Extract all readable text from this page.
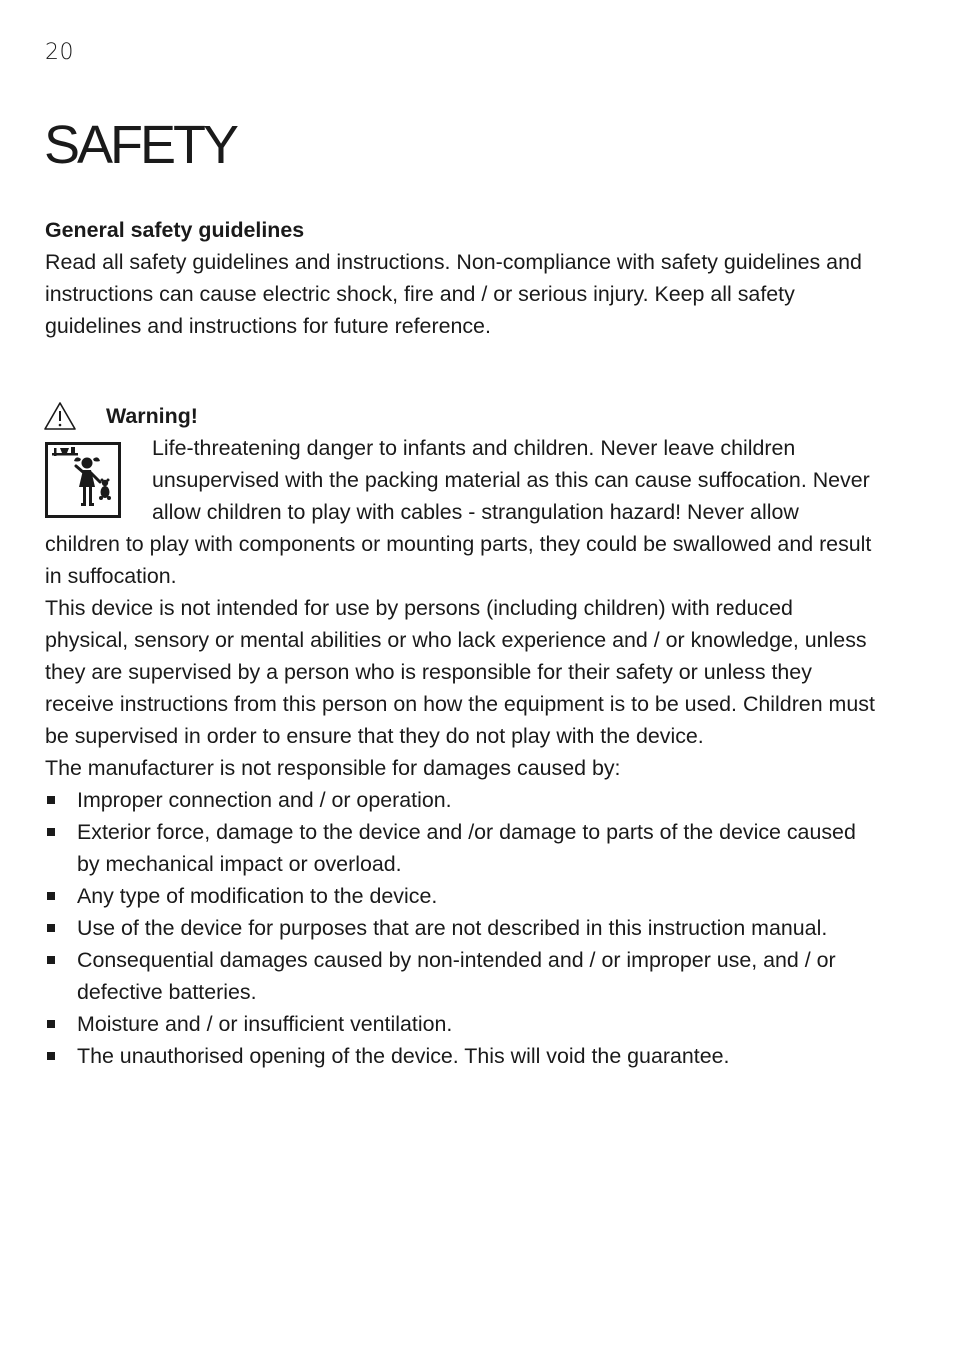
20
SAFETY

General safety guidelines

Read all safety guidelines and instructions. Non-compliance with safety guidelines and instructions can cause electric shock, fire and / or serious injury. Keep all safety guidelines and instructions for future reference.

Warning!

Life-threatening danger to infants and children. Never leave children unsupervised with the packing material as this can cause suffocation. Never allow children to play with cables - strangulation hazard! Never allow children to play with components or mounting parts, they could be swallowed and result in suffocation.

This device is not intended for use by persons (including children) with reduced physical, sensory or mental abilities or who lack experience and / or knowledge, unless they are supervised by a person who is responsible for their safety or unless they receive instructions from this person on how the equipment is to be used. Children must be supervised in order to ensure that they do not play with the device.

The manufacturer is not responsible for damages caused by:

Improper connection and / or operation.
Exterior force, damage to the device and /or damage to parts of the device caused by mechanical impact or overload.
Any type of modification to the device.
Use of the device for purposes that are not described in this instruction manual.
Consequential damages caused by non-intended and / or improper use, and / or defective batteries.
Moisture and / or insufficient ventilation.
The unauthorised opening of the device. This will void the guarantee.
